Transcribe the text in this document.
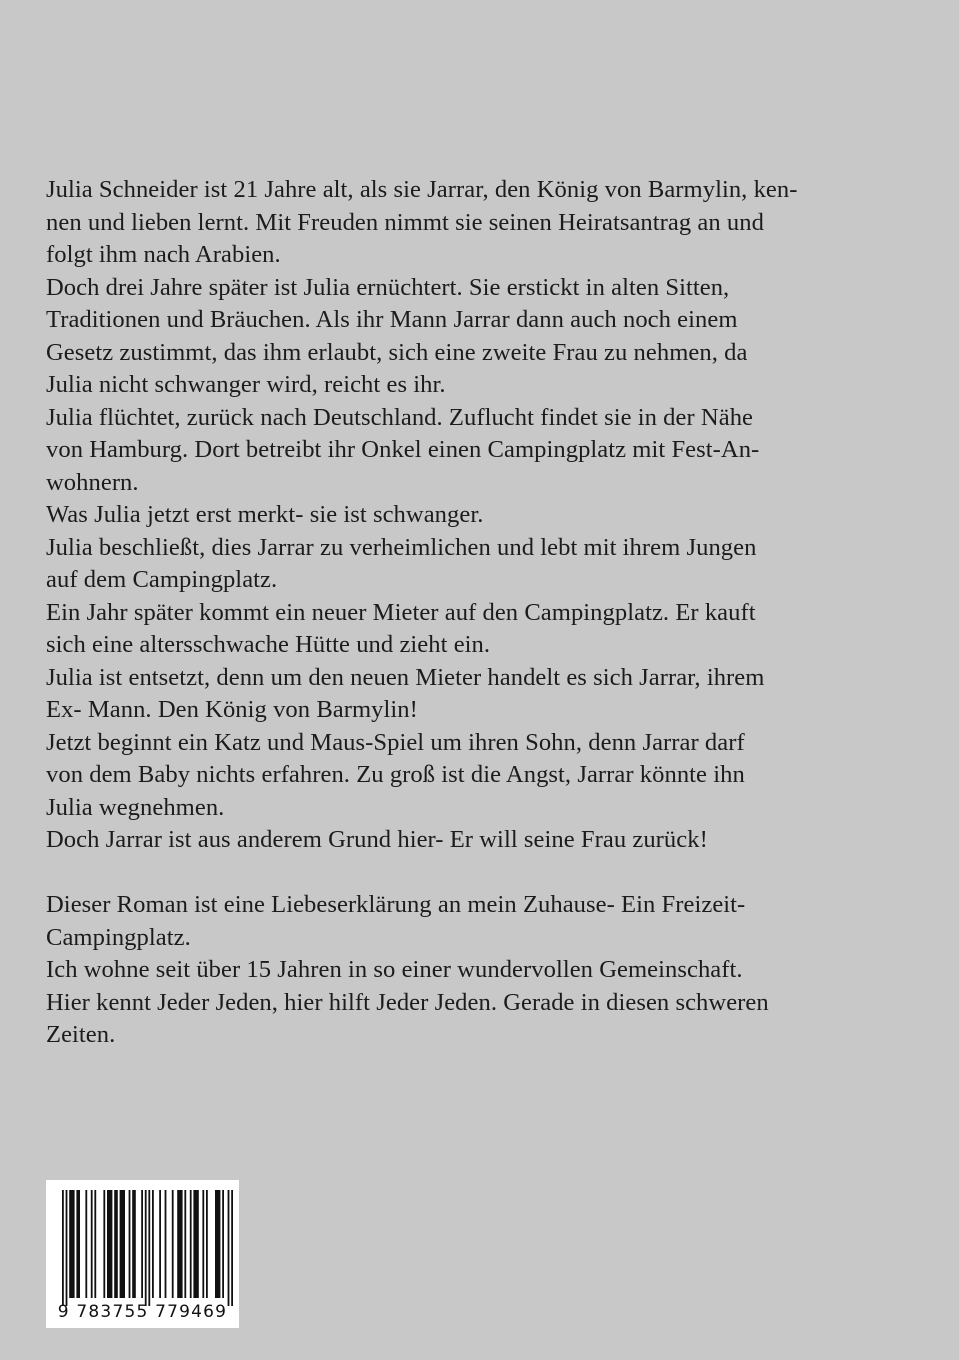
Julia Schneider ist 21 Jahre alt, als sie Jarrar, den König von Barmylin, ken-
nen und lieben lernt. Mit Freuden nimmt sie seinen Heiratsantrag an und
folgt ihm nach Arabien.
Doch drei Jahre später ist Julia ernüchtert. Sie erstickt in alten Sitten,
Traditionen und Bräuchen. Als ihr Mann Jarrar dann auch noch einem
Gesetz zustimmt, das ihm erlaubt, sich eine zweite Frau zu nehmen, da
Julia nicht schwanger wird, reicht es ihr.
Julia flüchtet, zurück nach Deutschland. Zuflucht findet sie in der Nähe
von Hamburg. Dort betreibt ihr Onkel einen Campingplatz mit Fest-An-
wohnern.
Was Julia jetzt erst merkt- sie ist schwanger.
Julia beschließt, dies Jarrar zu verheimlichen und lebt mit ihrem Jungen
auf dem Campingplatz.
Ein Jahr später kommt ein neuer Mieter auf den Campingplatz. Er kauft
sich eine altersschwache Hütte und zieht ein.
Julia ist entsetzt, denn um den neuen Mieter handelt es sich Jarrar, ihrem
Ex- Mann. Den König von Barmylin!
Jetzt beginnt ein Katz und Maus-Spiel um ihren Sohn, denn Jarrar darf
von dem Baby nichts erfahren. Zu groß ist die Angst, Jarrar könnte ihn
Julia wegnehmen.
Doch Jarrar ist aus anderem Grund hier- Er will seine Frau zurück!
Dieser Roman ist eine Liebeserklärung an mein Zuhause- Ein Freizeit-
Campingplatz.
Ich wohne seit über 15 Jahren in so einer wundervollen Gemeinschaft.
Hier kennt Jeder Jeden, hier hilft Jeder Jeden. Gerade in diesen schweren
Zeiten.
9 783755 779469
